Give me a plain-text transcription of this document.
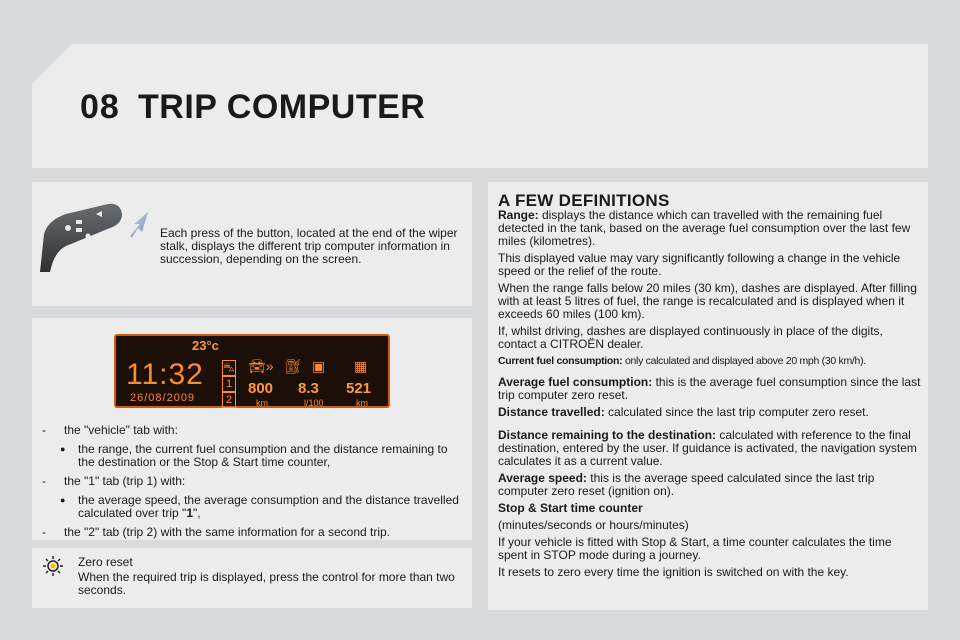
08 TRIP COMPUTER
Each press of the button, located at the end of the wiper stalk, displays the different trip computer information in succession, depending on the screen.
23°c
11:32
26/08/2009
⛍
1
2
🚘︎» ⛽︎ ▣ ▦
800 8.3 521
km	l/100	km
- the "vehicle" tab with:
● the range, the current fuel consumption and the distance remaining to the destination or the Stop & Start time counter,
- the "1" tab (trip 1) with:
● the average speed, the average consumption and the distance travelled calculated over trip "1",
- the "2" tab (trip 2) with the same information for a second trip.

Zero reset

When the required trip is displayed, press the control for more than two seconds.

A FEW DEFINITIONS

Range: displays the distance which can travelled with the remaining fuel detected in the tank, based on the average fuel consumption over the last few miles (kilometres).

This displayed value may vary significantly following a change in the vehicle speed or the relief of the route.

When the range falls below 20 miles (30 km), dashes are displayed. After filling with at least 5 litres of fuel, the range is recalculated and is displayed when it exceeds 60 miles (100 km).

If, whilst driving, dashes are displayed continuously in place of the digits, contact a CITROËN dealer.

Current fuel consumption: only calculated and displayed above 20 mph (30 km/h).

Average fuel consumption: this is the average fuel consumption since the last trip computer zero reset.

Distance travelled: calculated since the last trip computer zero reset.

Distance remaining to the destination: calculated with reference to the final destination, entered by the user. If guidance is activated, the navigation system calculates it as a current value.

Average speed: this is the average speed calculated since the last trip computer zero reset (ignition on).

Stop & Start time counter

(minutes/seconds or hours/minutes)

If your vehicle is fitted with Stop & Start, a time counter calculates the time spent in STOP mode during a journey.

It resets to zero every time the ignition is switched on with the key.
